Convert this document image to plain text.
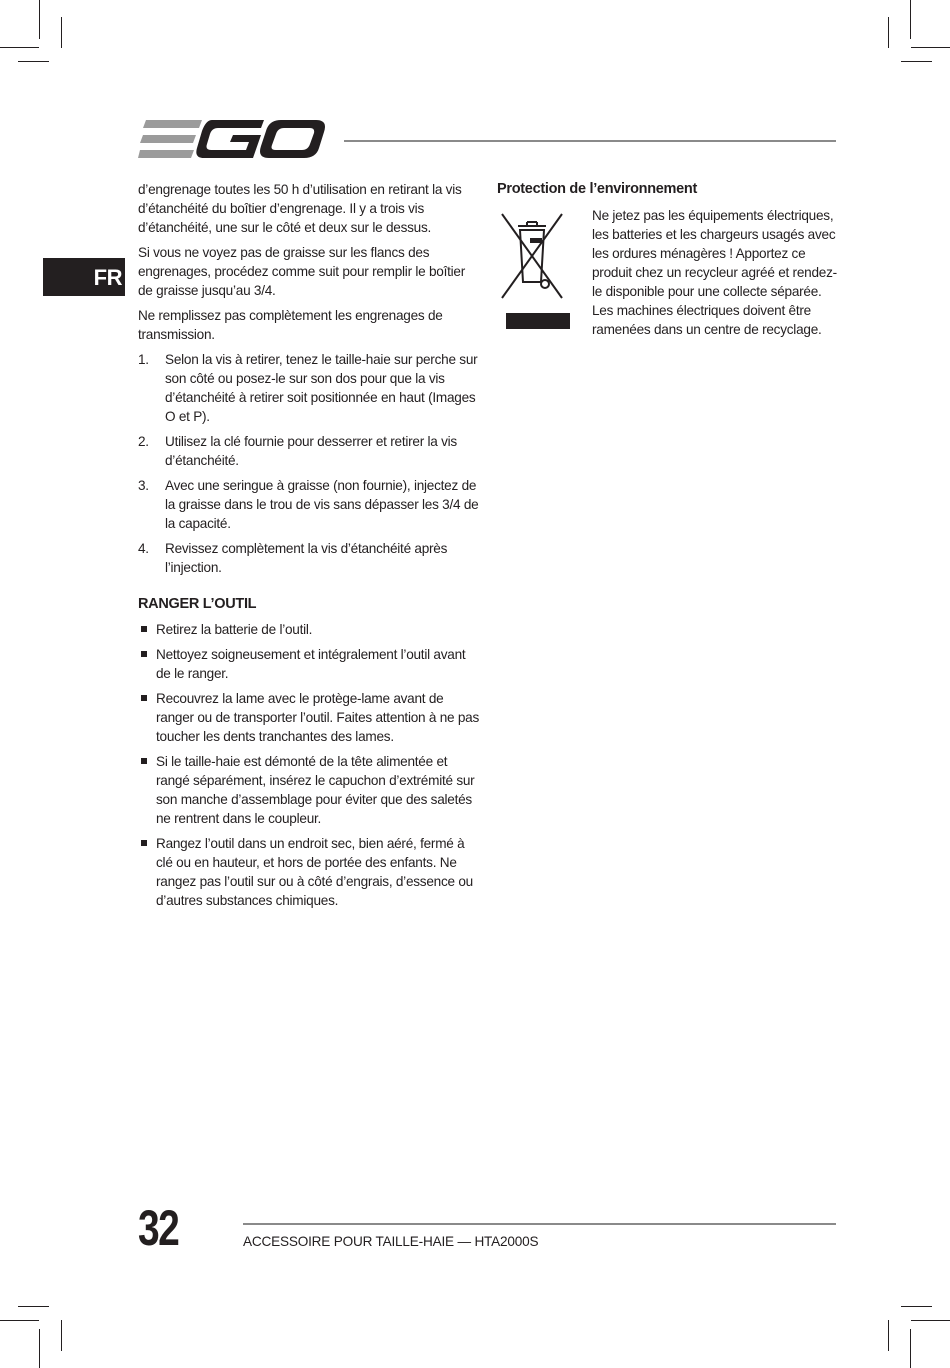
FR

d’engrenage toutes les 50 h d’utilisation en retirant la vis d’étanchéité du boîtier d’engrenage. Il y a trois vis d’étanchéité, une sur le côté et deux sur le dessus.

Si vous ne voyez pas de graisse sur les flancs des engrenages, procédez comme suit pour remplir le boîtier de graisse jusqu’au 3/4.

Ne remplissez pas complètement les engrenages de transmission.

1. Selon la vis à retirer, tenez le taille-haie sur perche sur son côté ou posez-le sur son dos pour que la vis d’étanchéité à retirer soit positionnée en haut (Images O et P).
2. Utilisez la clé fournie pour desserrer et retirer la vis d’étanchéité.
3. Avec une seringue à graisse (non fournie), injectez de la graisse dans le trou de vis sans dépasser les 3/4 de la capacité.
4. Revissez complètement la vis d’étanchéité après l’injection.
RANGER L’OUTIL
Retirez la batterie de l’outil.
Nettoyez soigneusement et intégralement l’outil avant de le ranger.
Recouvrez la lame avec le protège-lame avant de ranger ou de transporter l’outil. Faites attention à ne pas toucher les dents tranchantes des lames.
Si le taille-haie est démonté de la tête alimentée et rangé séparément, insérez le capuchon d’extrémité sur son manche d’assemblage pour éviter que des saletés ne rentrent dans le coupleur.
Rangez l’outil dans un endroit sec, bien aéré, fermé à clé ou en hauteur, et hors de portée des enfants. Ne rangez pas l’outil sur ou à côté d’engrais, d’essence ou d’autres substances chimiques.
Protection de l’environnement
Ne jetez pas les équipements électriques, les batteries et les chargeurs usagés avec les ordures ménagères ! Apportez ce produit chez un recycleur agréé et rendez-le disponible pour une collecte séparée. Les machines électriques doivent être ramenées dans un centre de recyclage.
32	ACCESSOIRE POUR TAILLE-HAIE — HTA2000S
